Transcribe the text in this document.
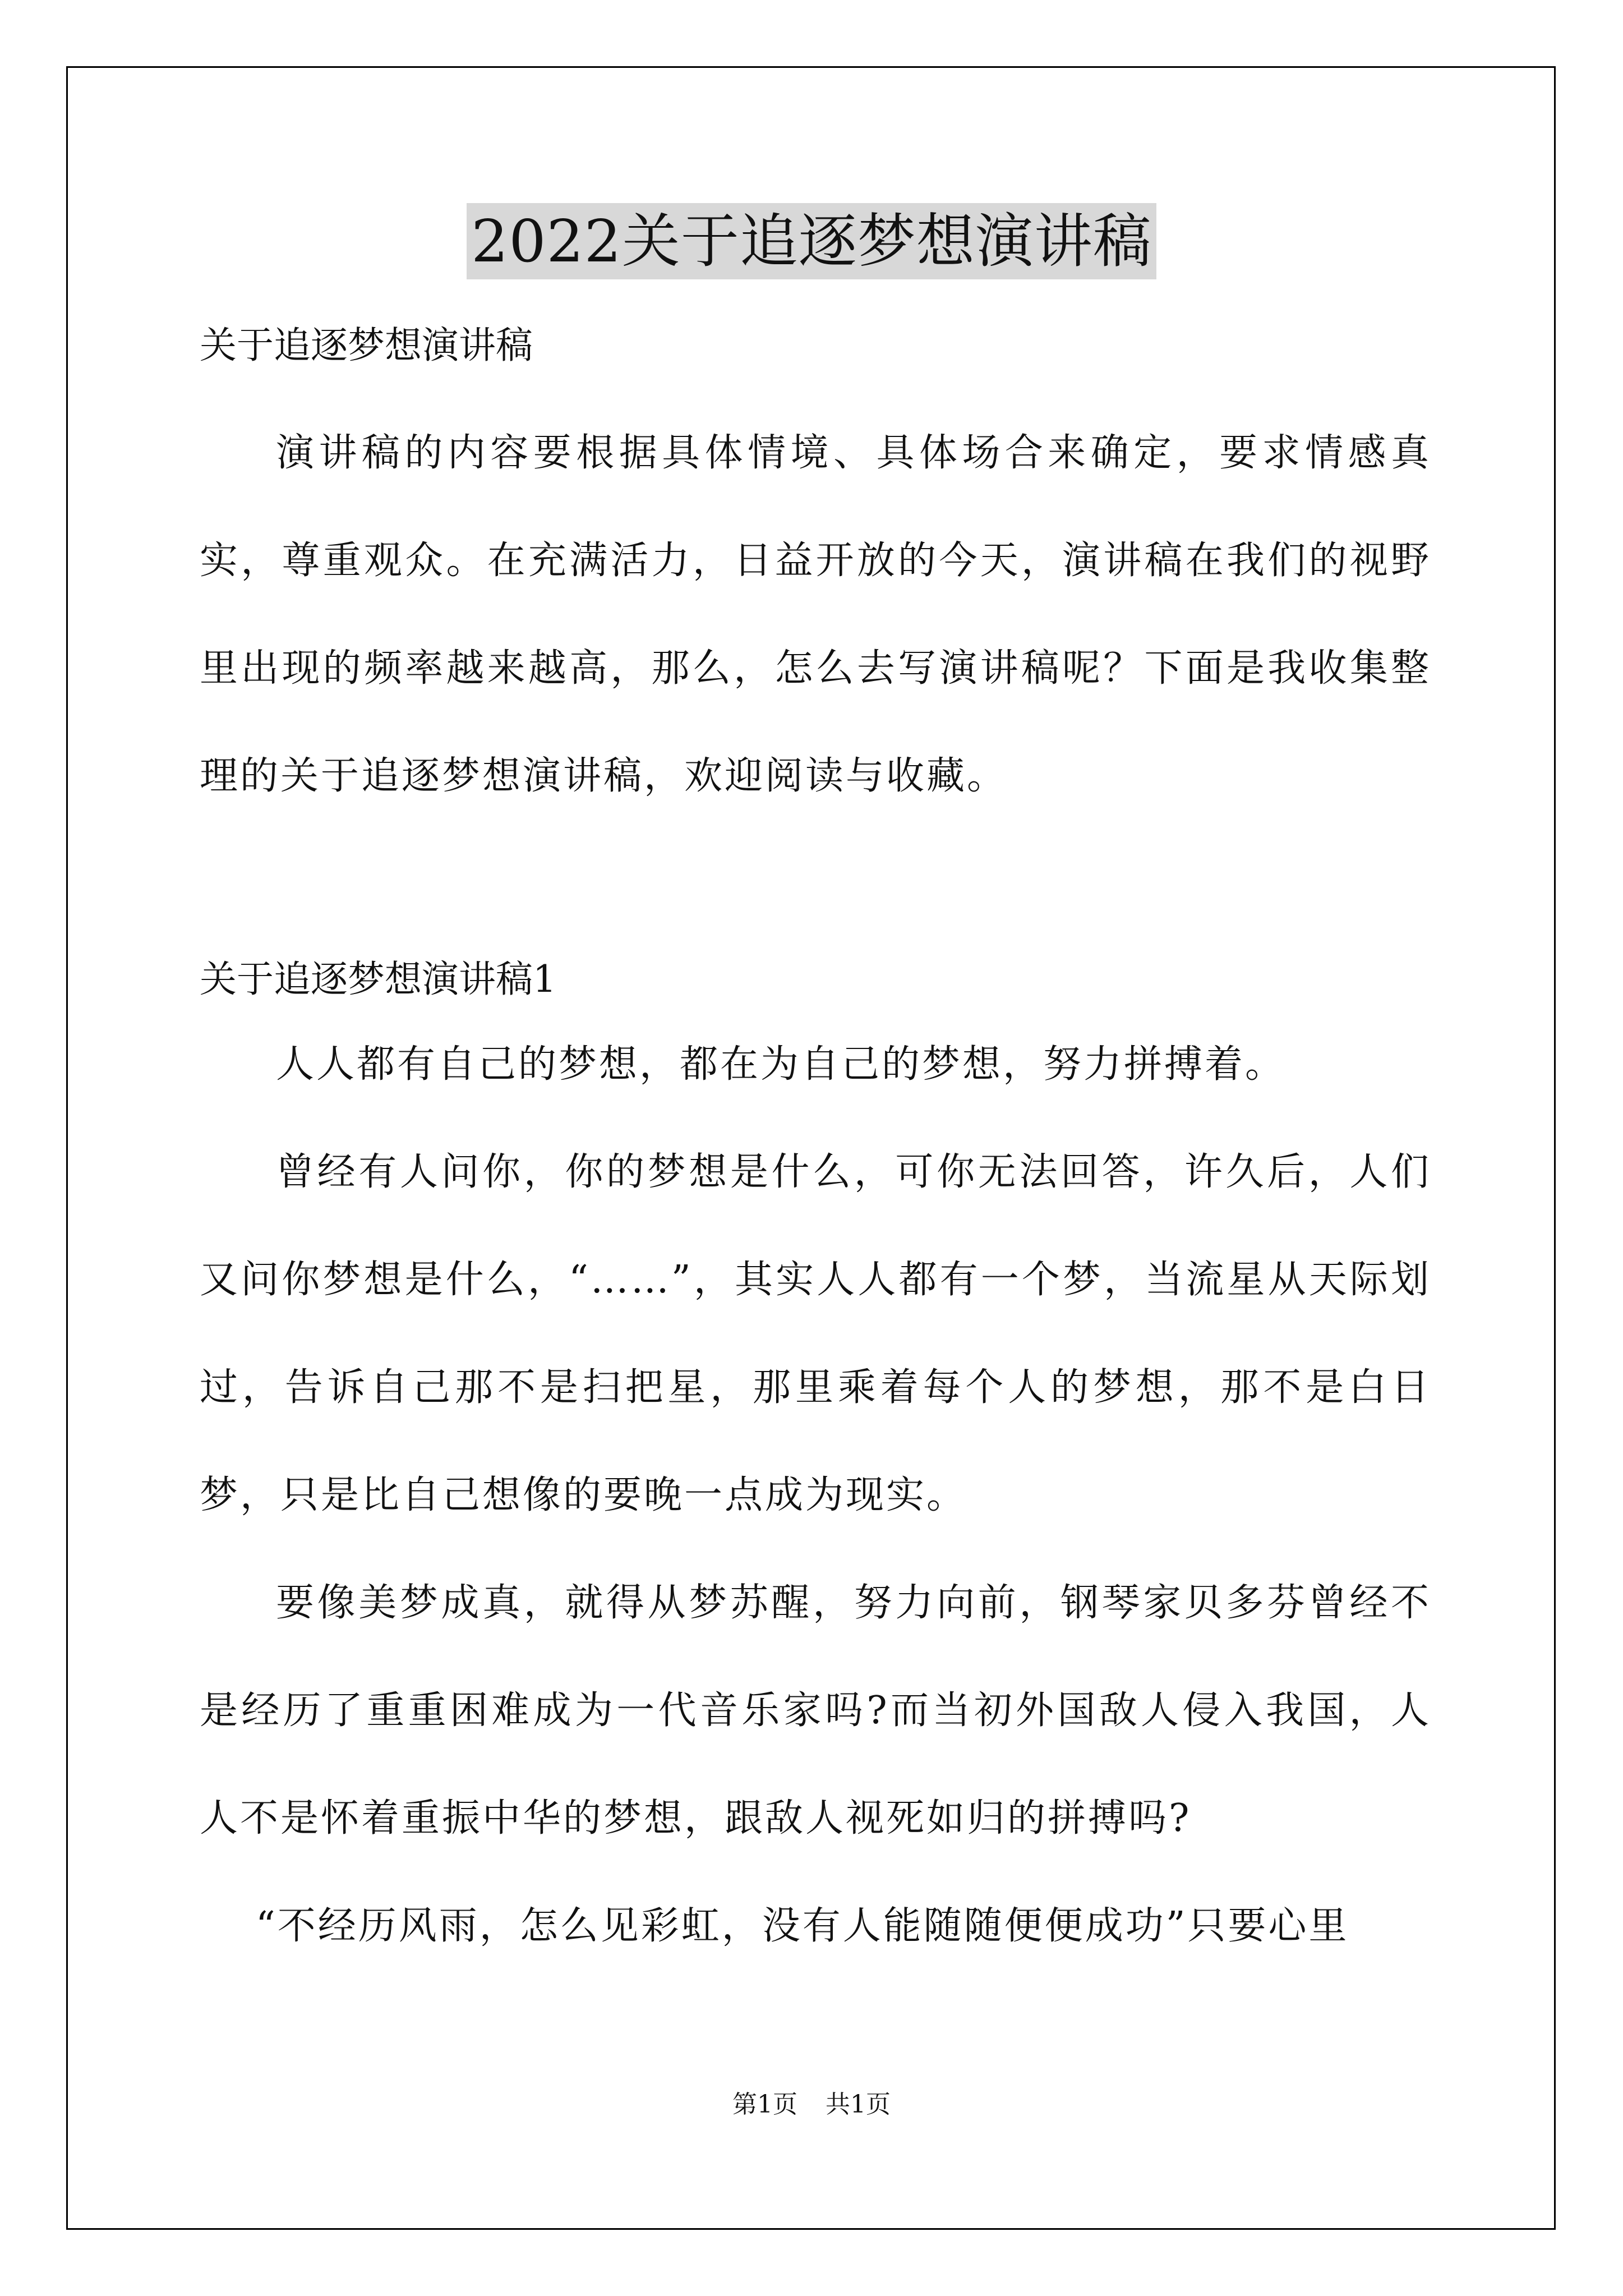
2022关于追逐梦想演讲稿

关于追逐梦想演讲稿

演讲稿的内容要根据具体情境、具体场合来确定，要求情感真实，尊重观众。在充满活力，日益开放的今天，演讲稿在我们的视野里出现的频率越来越高，那么，怎么去写演讲稿呢？下面是我收集整理的关于追逐梦想演讲稿，欢迎阅读与收藏。

关于追逐梦想演讲稿1

人人都有自己的梦想，都在为自己的梦想，努力拼搏着。

曾经有人问你，你的梦想是什么，可你无法回答，许久后，人们又问你梦想是什么，“……”，其实人人都有一个梦，当流星从天际划过，告诉自己那不是扫把星，那里乘着每个人的梦想，那不是白日梦，只是比自己想像的要晚一点成为现实。

要像美梦成真，就得从梦苏醒，努力向前，钢琴家贝多芬曾经不是经历了重重困难成为一代音乐家吗?而当初外国敌人侵入我国，人人不是怀着重振中华的梦想，跟敌人视死如归的拼搏吗?

“不经历风雨，怎么见彩虹，没有人能随随便便成功”只要心里

第1页 共1页
